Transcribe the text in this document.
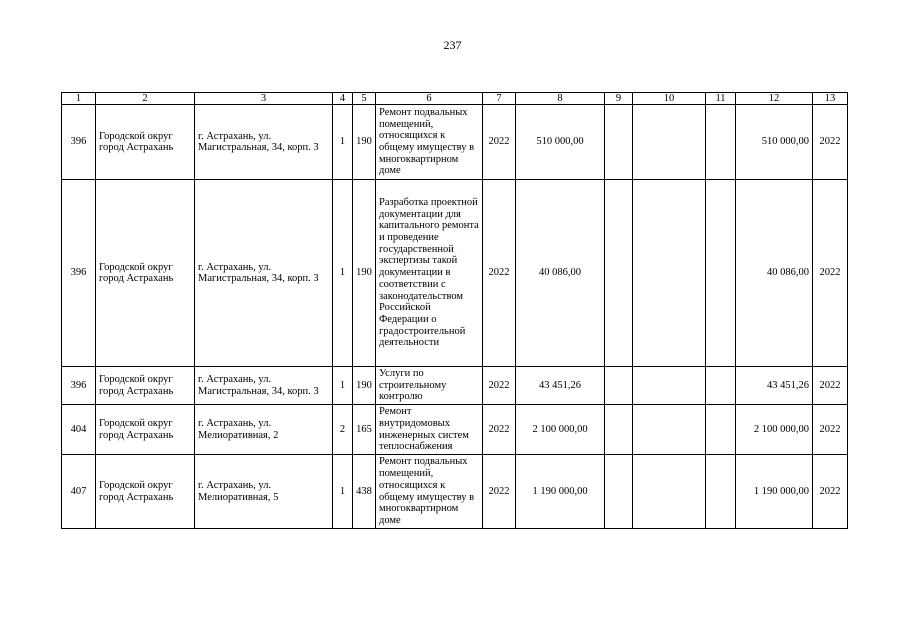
237
1	2	3	4	5	6	7	8	9	10	11	12	13
396	Городской округ город Астрахань	г. Астрахань, ул. Магистральная, 34, корп. 3	1	190	Ремонт подвальных помещений, относящихся к общему имуществу в многоквартирном доме	2022	510 000,00				510 000,00	2022
396	Городской округ город Астрахань	г. Астрахань, ул. Магистральная, 34, корп. 3	1	190	Разработка проектной документации для капитального ремонта и проведение государственной экспертизы такой документации в соответствии с законодательством Российской Федерации о градостроительной деятельности	2022	40 086,00				40 086,00	2022
396	Городской округ город Астрахань	г. Астрахань, ул. Магистральная, 34, корп. 3	1	190	Услуги по строительному контролю	2022	43 451,26				43 451,26	2022
404	Городской округ город Астрахань	г. Астрахань, ул. Мелиоративная, 2	2	165	Ремонт внутридомовых инженерных систем теплоснабжения	2022	2 100 000,00				2 100 000,00	2022
407	Городской округ город Астрахань	г. Астрахань, ул. Мелиоративная, 5	1	438	Ремонт подвальных помещений, относящихся к общему имуществу в многоквартирном доме	2022	1 190 000,00				1 190 000,00	2022
